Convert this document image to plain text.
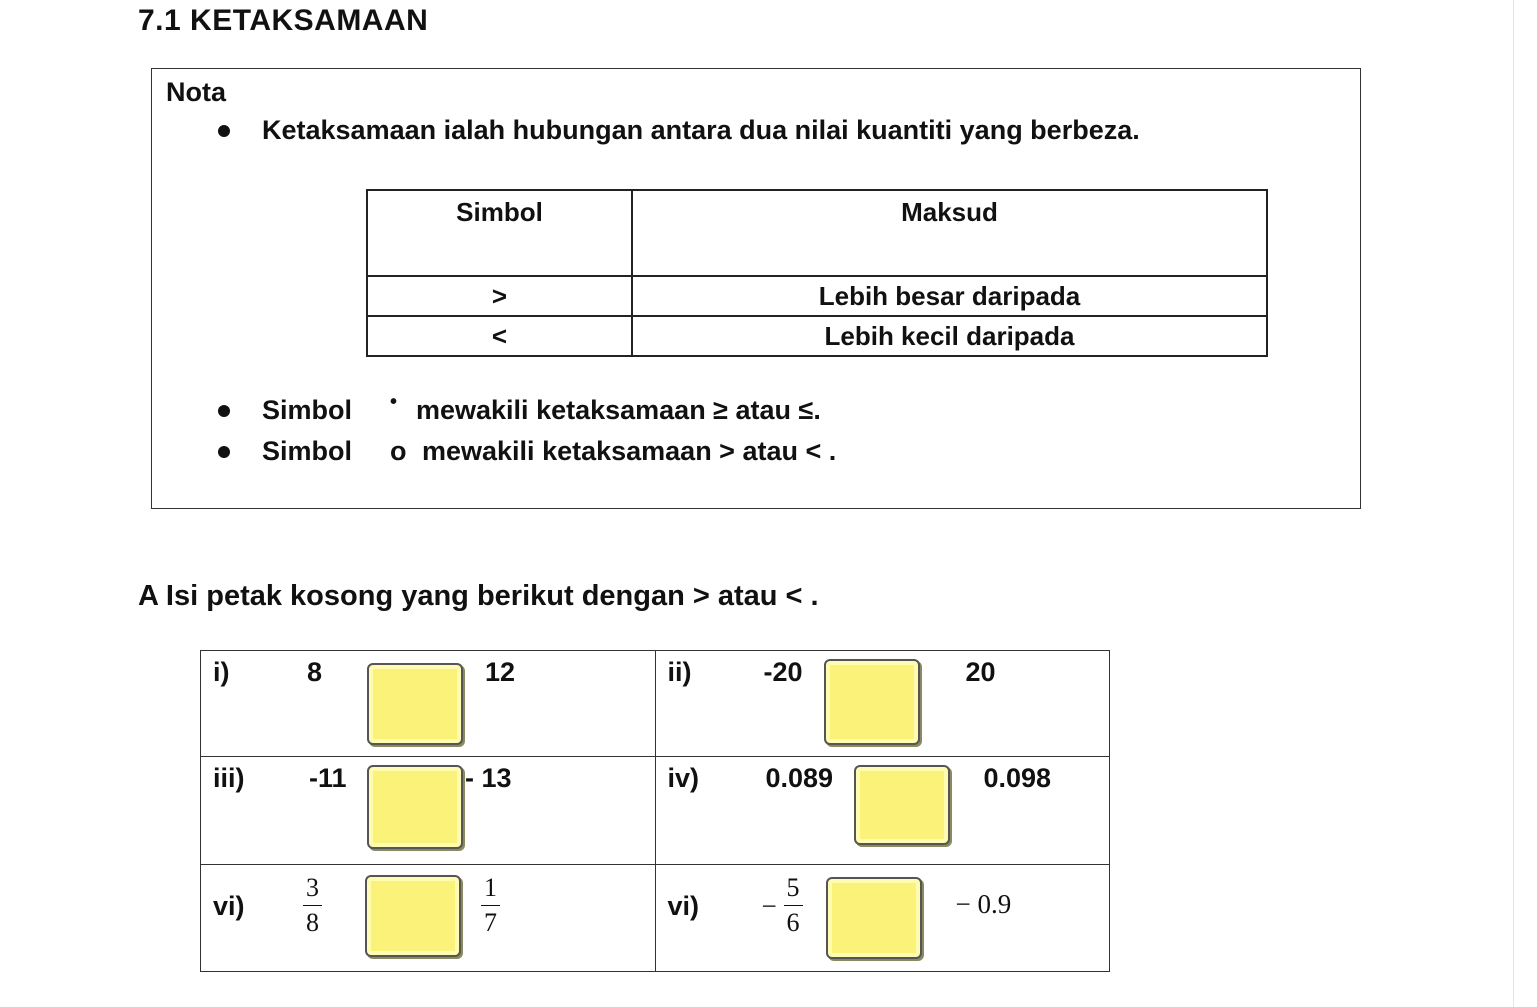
7.1 KETAKSAMAAN
Nota
Ketaksamaan ialah hubungan antara dua nilai kuantiti yang berbeza.
Simbol	Maksud
>	Lebih besar daripada
<	Lebih kecil daripada
Simbol • mewakili ketaksamaan ≥ atau ≤.
Simbol o mewakili ketaksamaan > atau < .
A Isi petak kosong yang berikut dengan > atau < .
i) 8 12	ii) -20 20

iii) -11 - 13	iv) 0.089 0.098

$vi) \frac{3}{8} \frac{1}{7}$	$vi) - \frac{5}{6} - 0.9$
